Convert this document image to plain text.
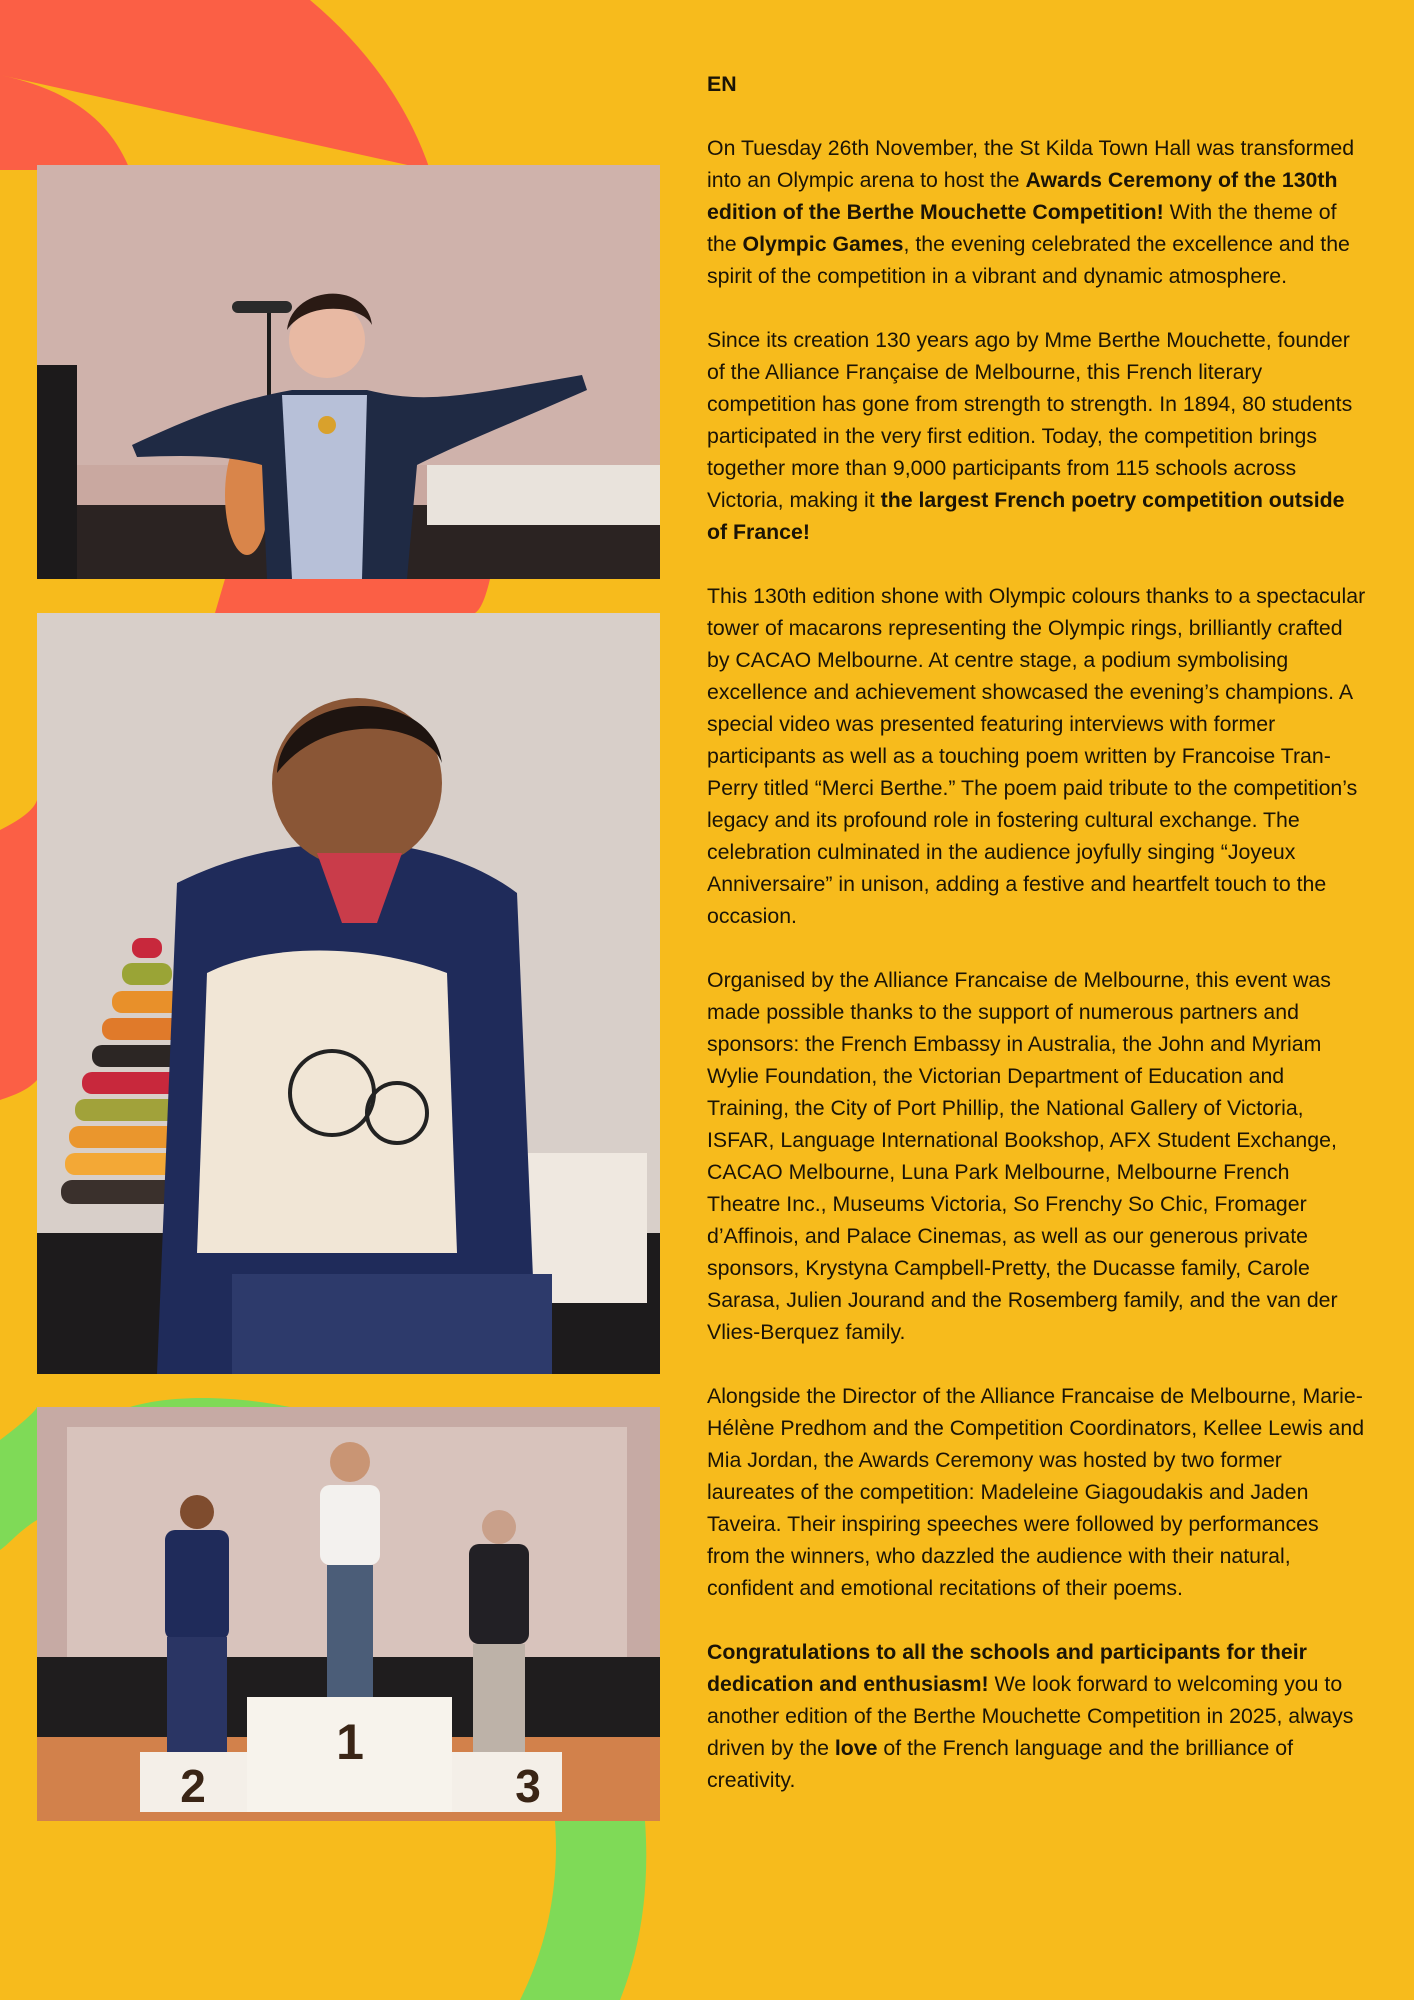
1
2	3
EN

On Tuesday 26th November, the St Kilda Town Hall was transformed into an Olympic arena to host the Awards Ceremony of the 130th edition of the Berthe Mouchette Competition! With the theme of the Olympic Games, the evening celebrated the excellence and the spirit of the competition in a vibrant and dynamic atmosphere.

Since its creation 130 years ago by Mme Berthe Mouchette, founder of the Alliance Française de Melbourne, this French literary competition has gone from strength to strength. In 1894, 80 students participated in the very first edition. Today, the competition brings together more than 9,000 participants from 115 schools across Victoria, making it the largest French poetry competition outside of France!

This 130th edition shone with Olympic colours thanks to a spectacular tower of macarons representing the Olympic rings, brilliantly crafted by CACAO Melbourne. At centre stage, a podium symbolising excellence and achievement showcased the evening’s champions. A special video was presented featuring interviews with former participants as well as a touching poem written by Francoise Tran-Perry titled “Merci Berthe.” The poem paid tribute to the competition’s legacy and its profound role in fostering cultural exchange. The celebration culminated in the audience joyfully singing “Joyeux Anniversaire” in unison, adding a festive and heartfelt touch to the occasion.

Organised by the Alliance Francaise de Melbourne, this event was made possible thanks to the support of numerous partners and sponsors: the French Embassy in Australia, the John and Myriam Wylie Foundation, the Victorian Department of Education and Training, the City of Port Phillip, the National Gallery of Victoria, ISFAR, Language International Bookshop, AFX Student Exchange, CACAO Melbourne, Luna Park Melbourne, Melbourne French Theatre Inc., Museums Victoria, So Frenchy So Chic, Fromager d’Affinois, and Palace Cinemas, as well as our generous private sponsors, Krystyna Campbell-Pretty, the Ducasse family, Carole Sarasa, Julien Jourand and the Rosemberg family, and the van der Vlies-Berquez family.

Alongside the Director of the Alliance Francaise de Melbourne, Marie-Hélène Predhom and the Competition Coordinators, Kellee Lewis and Mia Jordan, the Awards Ceremony was hosted by two former laureates of the competition: Madeleine Giagoudakis and Jaden Taveira. Their inspiring speeches were followed by performances from the winners, who dazzled the audience with their natural, confident and emotional recitations of their poems.

Congratulations to all the schools and participants for their dedication and enthusiasm! We look forward to welcoming you to another edition of the Berthe Mouchette Competition in 2025, always driven by the love of the French language and the brilliance of creativity.
